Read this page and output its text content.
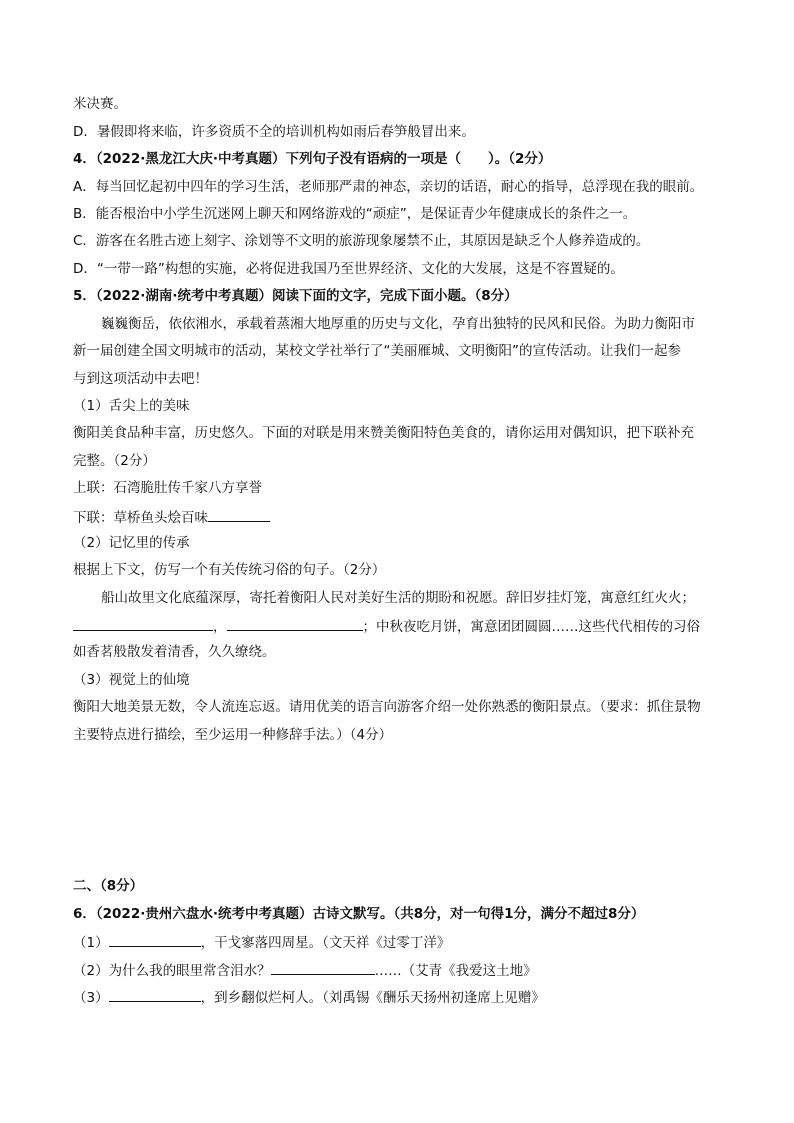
米决赛。
D．暑假即将来临，许多资质不全的培训机构如雨后春笋般冒出来。
4．（2022·黑龙江大庆·中考真题）下列句子没有语病的一项是（　　）。（2分）
A．每当回忆起初中四年的学习生活，老师那严肃的神态，亲切的话语，耐心的指导，总浮现在我的眼前。
B．能否根治中小学生沉迷网上聊天和网络游戏的“顽症”，是保证青少年健康成长的条件之一。
C．游客在名胜古迹上刻字、涂划等不文明的旅游现象屡禁不止，其原因是缺乏个人修养造成的。
D．“一带一路”构想的实施，必将促进我国乃至世界经济、文化的大发展，这是不容置疑的。
5．（2022·湖南·统考中考真题）阅读下面的文字，完成下面小题。（8分）
巍巍衡岳，依依湘水，承载着蒸湘大地厚重的历史与文化，孕育出独特的民风和民俗。为助力衡阳市
新一届创建全国文明城市的活动，某校文学社举行了“美丽雁城、文明衡阳”的宣传活动。让我们一起参
与到这项活动中去吧！
（1）舌尖上的美味
衡阳美食品种丰富，历史悠久。下面的对联是用来赞美衡阳特色美食的，请你运用对偶知识，把下联补充
完整。（2分）
上联：石湾脆肚传千家八方享誉
下联：草桥鱼头烩百味
（2）记忆里的传承
根据上下文，仿写一个有关传统习俗的句子。（2分）
船山故里文化底蕴深厚，寄托着衡阳人民对美好生活的期盼和祝愿。辞旧岁挂灯笼，寓意红红火火；
，	；中秋夜吃月饼，寓意团团圆圆……这些代代相传的习俗
如香茗般散发着清香，久久缭绕。
（3）视觉上的仙境
衡阳大地美景无数，令人流连忘返。请用优美的语言向游客介绍一处你熟悉的衡阳景点。（要求：抓住景物
主要特点进行描绘，至少运用一种修辞手法。）（4分）
二、（8分）
6．（2022·贵州六盘水·统考中考真题）古诗文默写。（共8分，对一句得1分，满分不超过8分）
（1）	，干戈寥落四周星。（文天祥《过零丁洋》
（2）为什么我的眼里常含泪水？	……（艾青《我爱这土地》
（3）	，到乡翻似烂柯人。（刘禹锡《酬乐天扬州初逢席上见赠》
